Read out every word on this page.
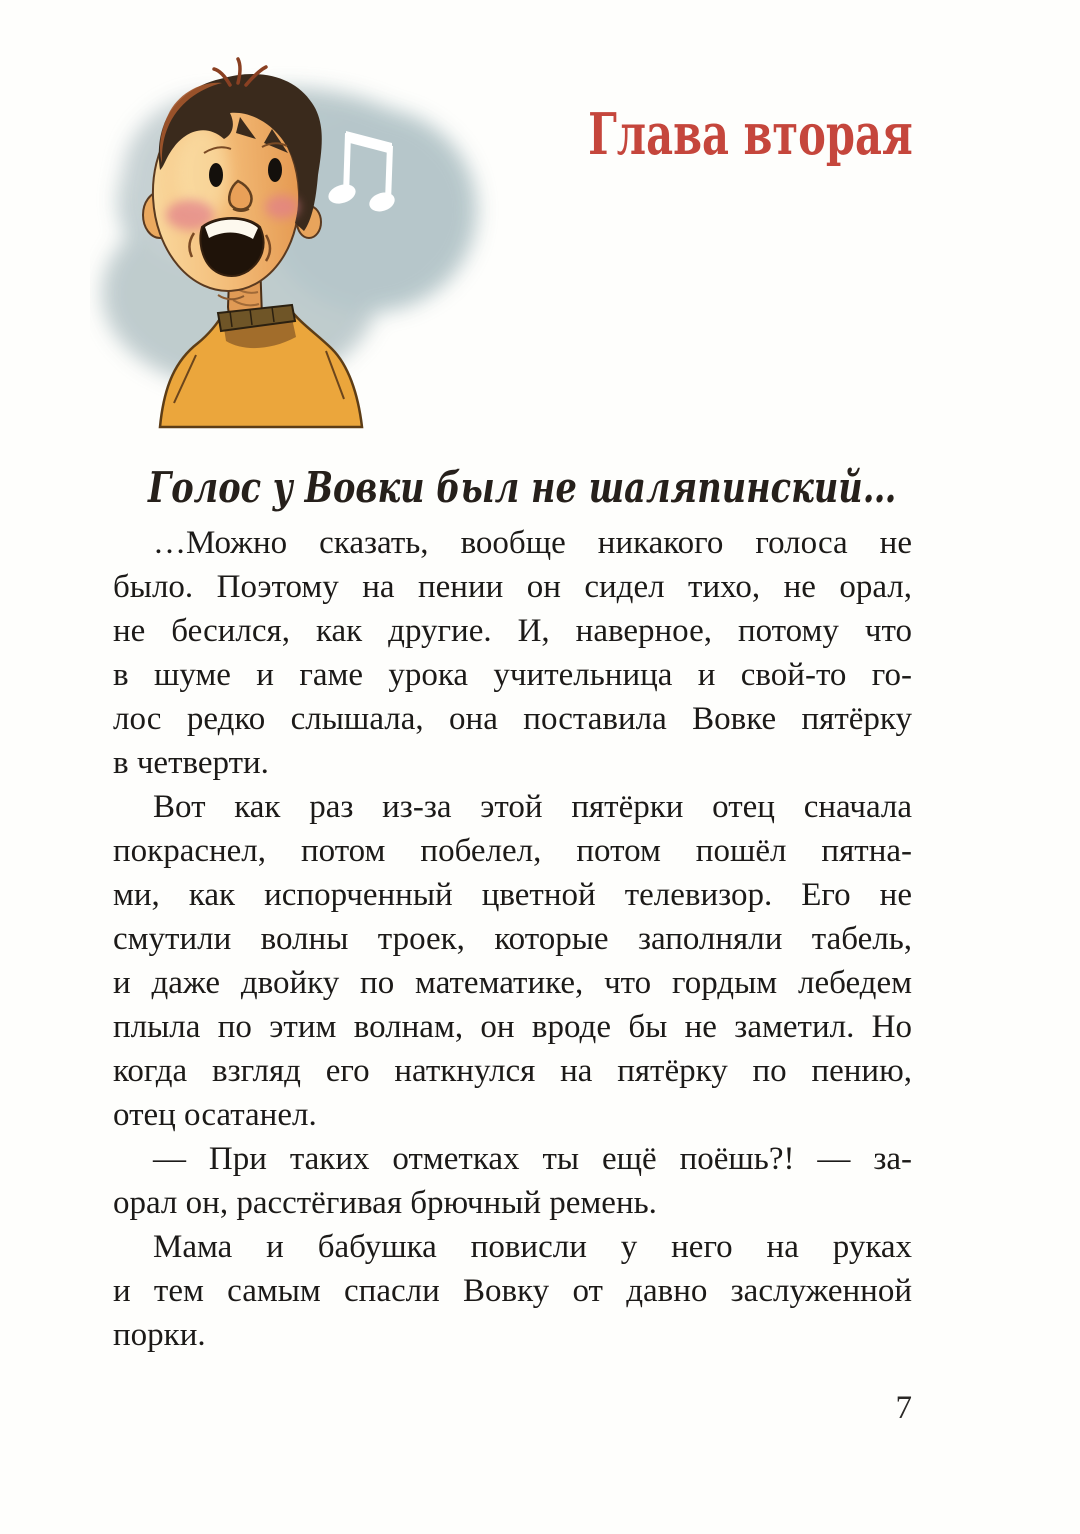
Глава вторая
Голос у Вовки был не шаляпинский…
…Можно сказать, вообще никакого голоса не
было. Поэтому на пении он сидел тихо, не орал,
не бесился, как другие. И, наверное, потому что
в шуме и гаме урока учительница и свой-то го-
лос редко слышала, она поставила Вовке пятёрку
в четверти.
Вот как раз из-за этой пятёрки отец сначала
покраснел, потом побелел, потом пошёл пятна-
ми, как испорченный цветной телевизор. Его не
смутили волны троек, которые заполняли табель,
и даже двойку по математике, что гордым лебедем
плыла по этим волнам, он вроде бы не заметил. Но
когда взгляд его наткнулся на пятёрку по пению,
отец осатанел.
— При таких отметках ты ещё поёшь?! — за-
орал он, расстёгивая брючный ремень.
Мама и бабушка повисли у него на руках
и тем самым спасли Вовку от давно заслуженной
порки.
7
